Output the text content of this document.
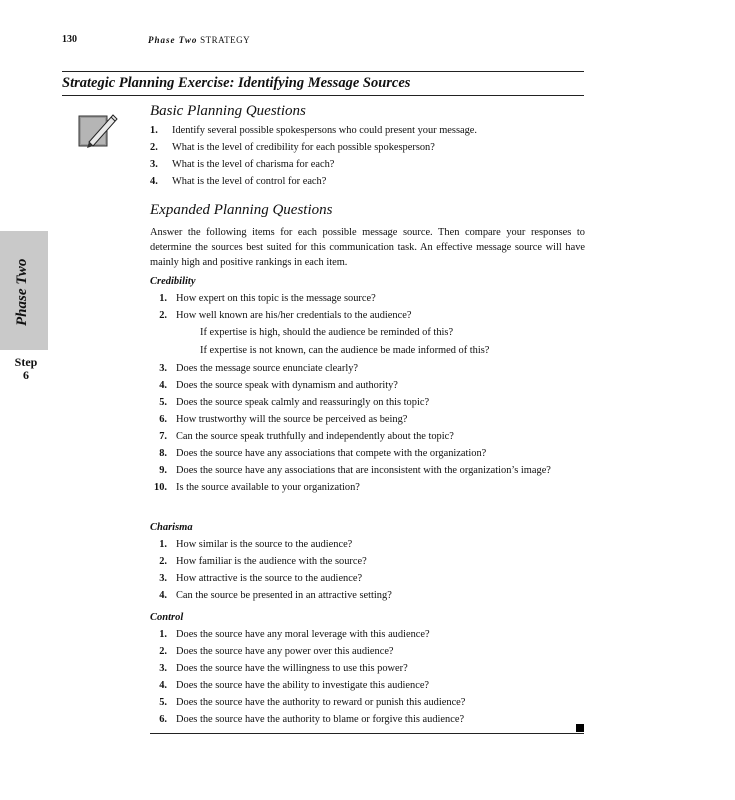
130	Phase Two STRATEGY
Strategic Planning Exercise: Identifying Message Sources
Basic Planning Questions
1. Identify several possible spokespersons who could present your message.
2. What is the level of credibility for each possible spokesperson?
3. What is the level of charisma for each?
4. What is the level of control for each?
Expanded Planning Questions
Answer the following items for each possible message source. Then compare your responses to determine the sources best suited for this communication task. An effective message source will have mainly high and positive rankings in each item.
Credibility
1. How expert on this topic is the message source?
2. How well known are his/her credentials to the audience?
If expertise is high, should the audience be reminded of this?
If expertise is not known, can the audience be made informed of this?
3. Does the message source enunciate clearly?
4. Does the source speak with dynamism and authority?
5. Does the source speak calmly and reassuringly on this topic?
6. How trustworthy will the source be perceived as being?
7. Can the source speak truthfully and independently about the topic?
8. Does the source have any associations that compete with the organization?
9. Does the source have any associations that are inconsistent with the organization’s image?
10. Is the source available to your organization?
Charisma
1. How similar is the source to the audience?
2. How familiar is the audience with the source?
3. How attractive is the source to the audience?
4. Can the source be presented in an attractive setting?
Control
1. Does the source have any moral leverage with this audience?
2. Does the source have any power over this audience?
3. Does the source have the willingness to use this power?
4. Does the source have the ability to investigate this audience?
5. Does the source have the authority to reward or punish this audience?
6. Does the source have the authority to blame or forgive this audience?
Phase Two
Step
6
